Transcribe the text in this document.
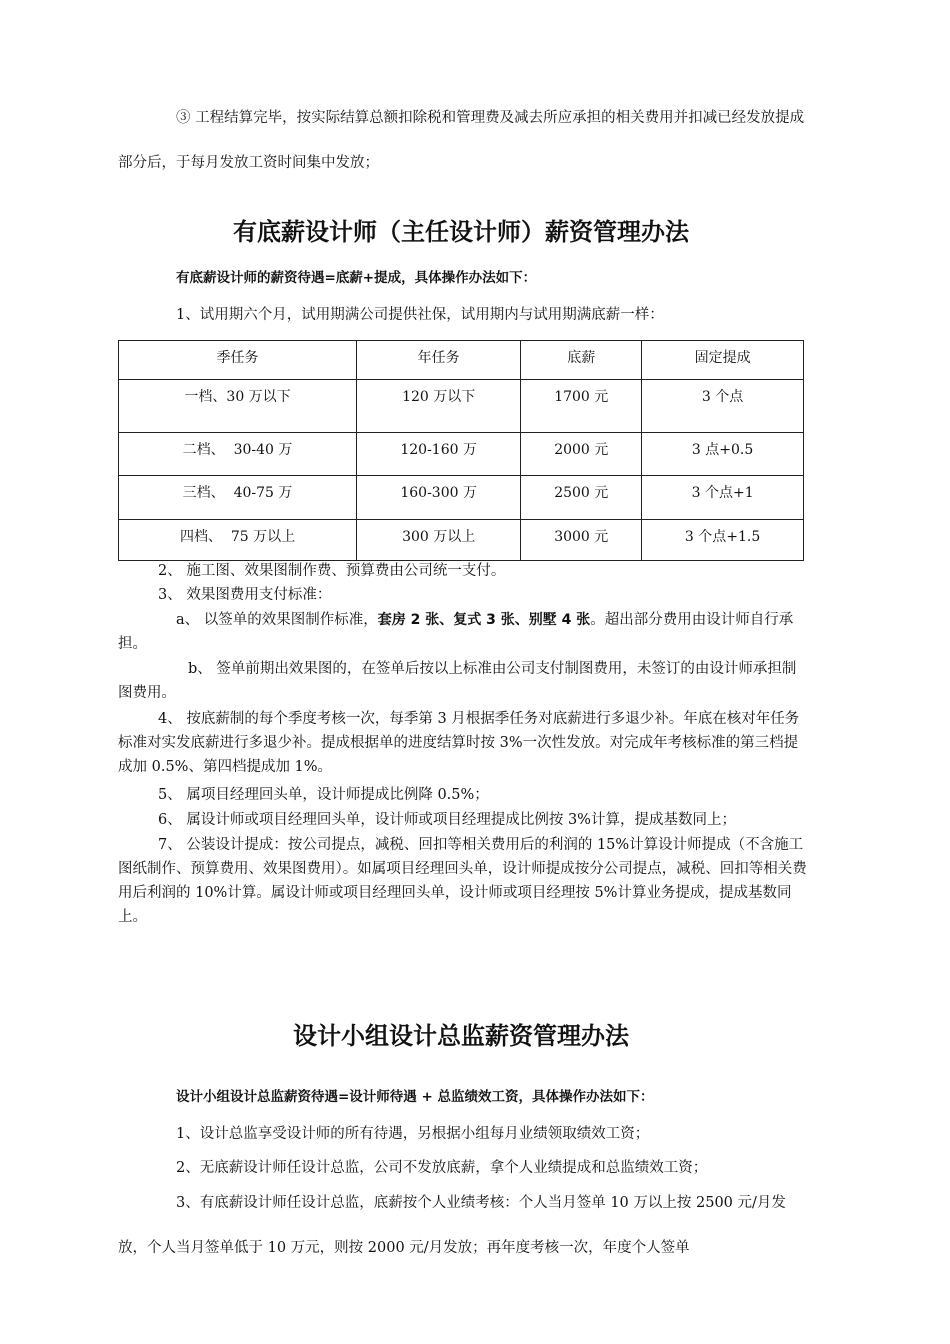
③ 工程结算完毕，按实际结算总额扣除税和管理费及减去所应承担的相关费用并扣减已经发放提成部分后，于每月发放工资时间集中发放；

有底薪设计师（主任设计师）薪资管理办法

有底薪设计师的薪资待遇=底薪+提成，具体操作办法如下：

1、试用期六个月，试用期满公司提供社保，试用期内与试用期满底薪一样：

季任务	年任务	底薪	固定提成
一档、30 万以下	120 万以下	1700 元	3 个点
二档、  30-40 万	120-160 万	2000 元	3 点+0.5
三档、  40-75 万	160-300 万	2500 元	3 个点+1
四档、  75 万以上	300 万以上	3000 元	3 个点+1.5

2、 施工图、效果图制作费、预算费由公司统一支付。

3、 效果图费用支付标准：

a、 以签单的效果图制作标准，套房 2 张、复式 3 张、别墅 4 张。超出部分费用由设计师自行承担。

b、 签单前期出效果图的，在签单后按以上标准由公司支付制图费用，未签订的由设计师承担制图费用。

4、 按底薪制的每个季度考核一次，每季第 3 月根据季任务对底薪进行多退少补。年底在核对年任务标准对实发底薪进行多退少补。提成根据单的进度结算时按 3%一次性发放。对完成年考核标准的第三档提成加 0.5%、第四档提成加 1%。

5、 属项目经理回头单，设计师提成比例降 0.5%；

6、 属设计师或项目经理回头单，设计师或项目经理提成比例按 3%计算，提成基数同上；

7、 公装设计提成：按公司提点，减税、回扣等相关费用后的利润的 15%计算设计师提成（不含施工图纸制作、预算费用、效果图费用）。如属项目经理回头单，设计师提成按分公司提点，减税、回扣等相关费用后利润的 10%计算。属设计师或项目经理回头单，设计师或项目经理按 5%计算业务提成，提成基数同上。

设计小组设计总监薪资管理办法

设计小组设计总监薪资待遇=设计师待遇 + 总监绩效工资，具体操作办法如下：

1、设计总监享受设计师的所有待遇，另根据小组每月业绩领取绩效工资；

2、无底薪设计师任设计总监，公司不发放底薪，拿个人业绩提成和总监绩效工资；

3、有底薪设计师任设计总监，底薪按个人业绩考核：个人当月签单 10 万以上按 2500 元/月发放，个人当月签单低于 10 万元，则按 2000 元/月发放；再年度考核一次，年度个人签单
